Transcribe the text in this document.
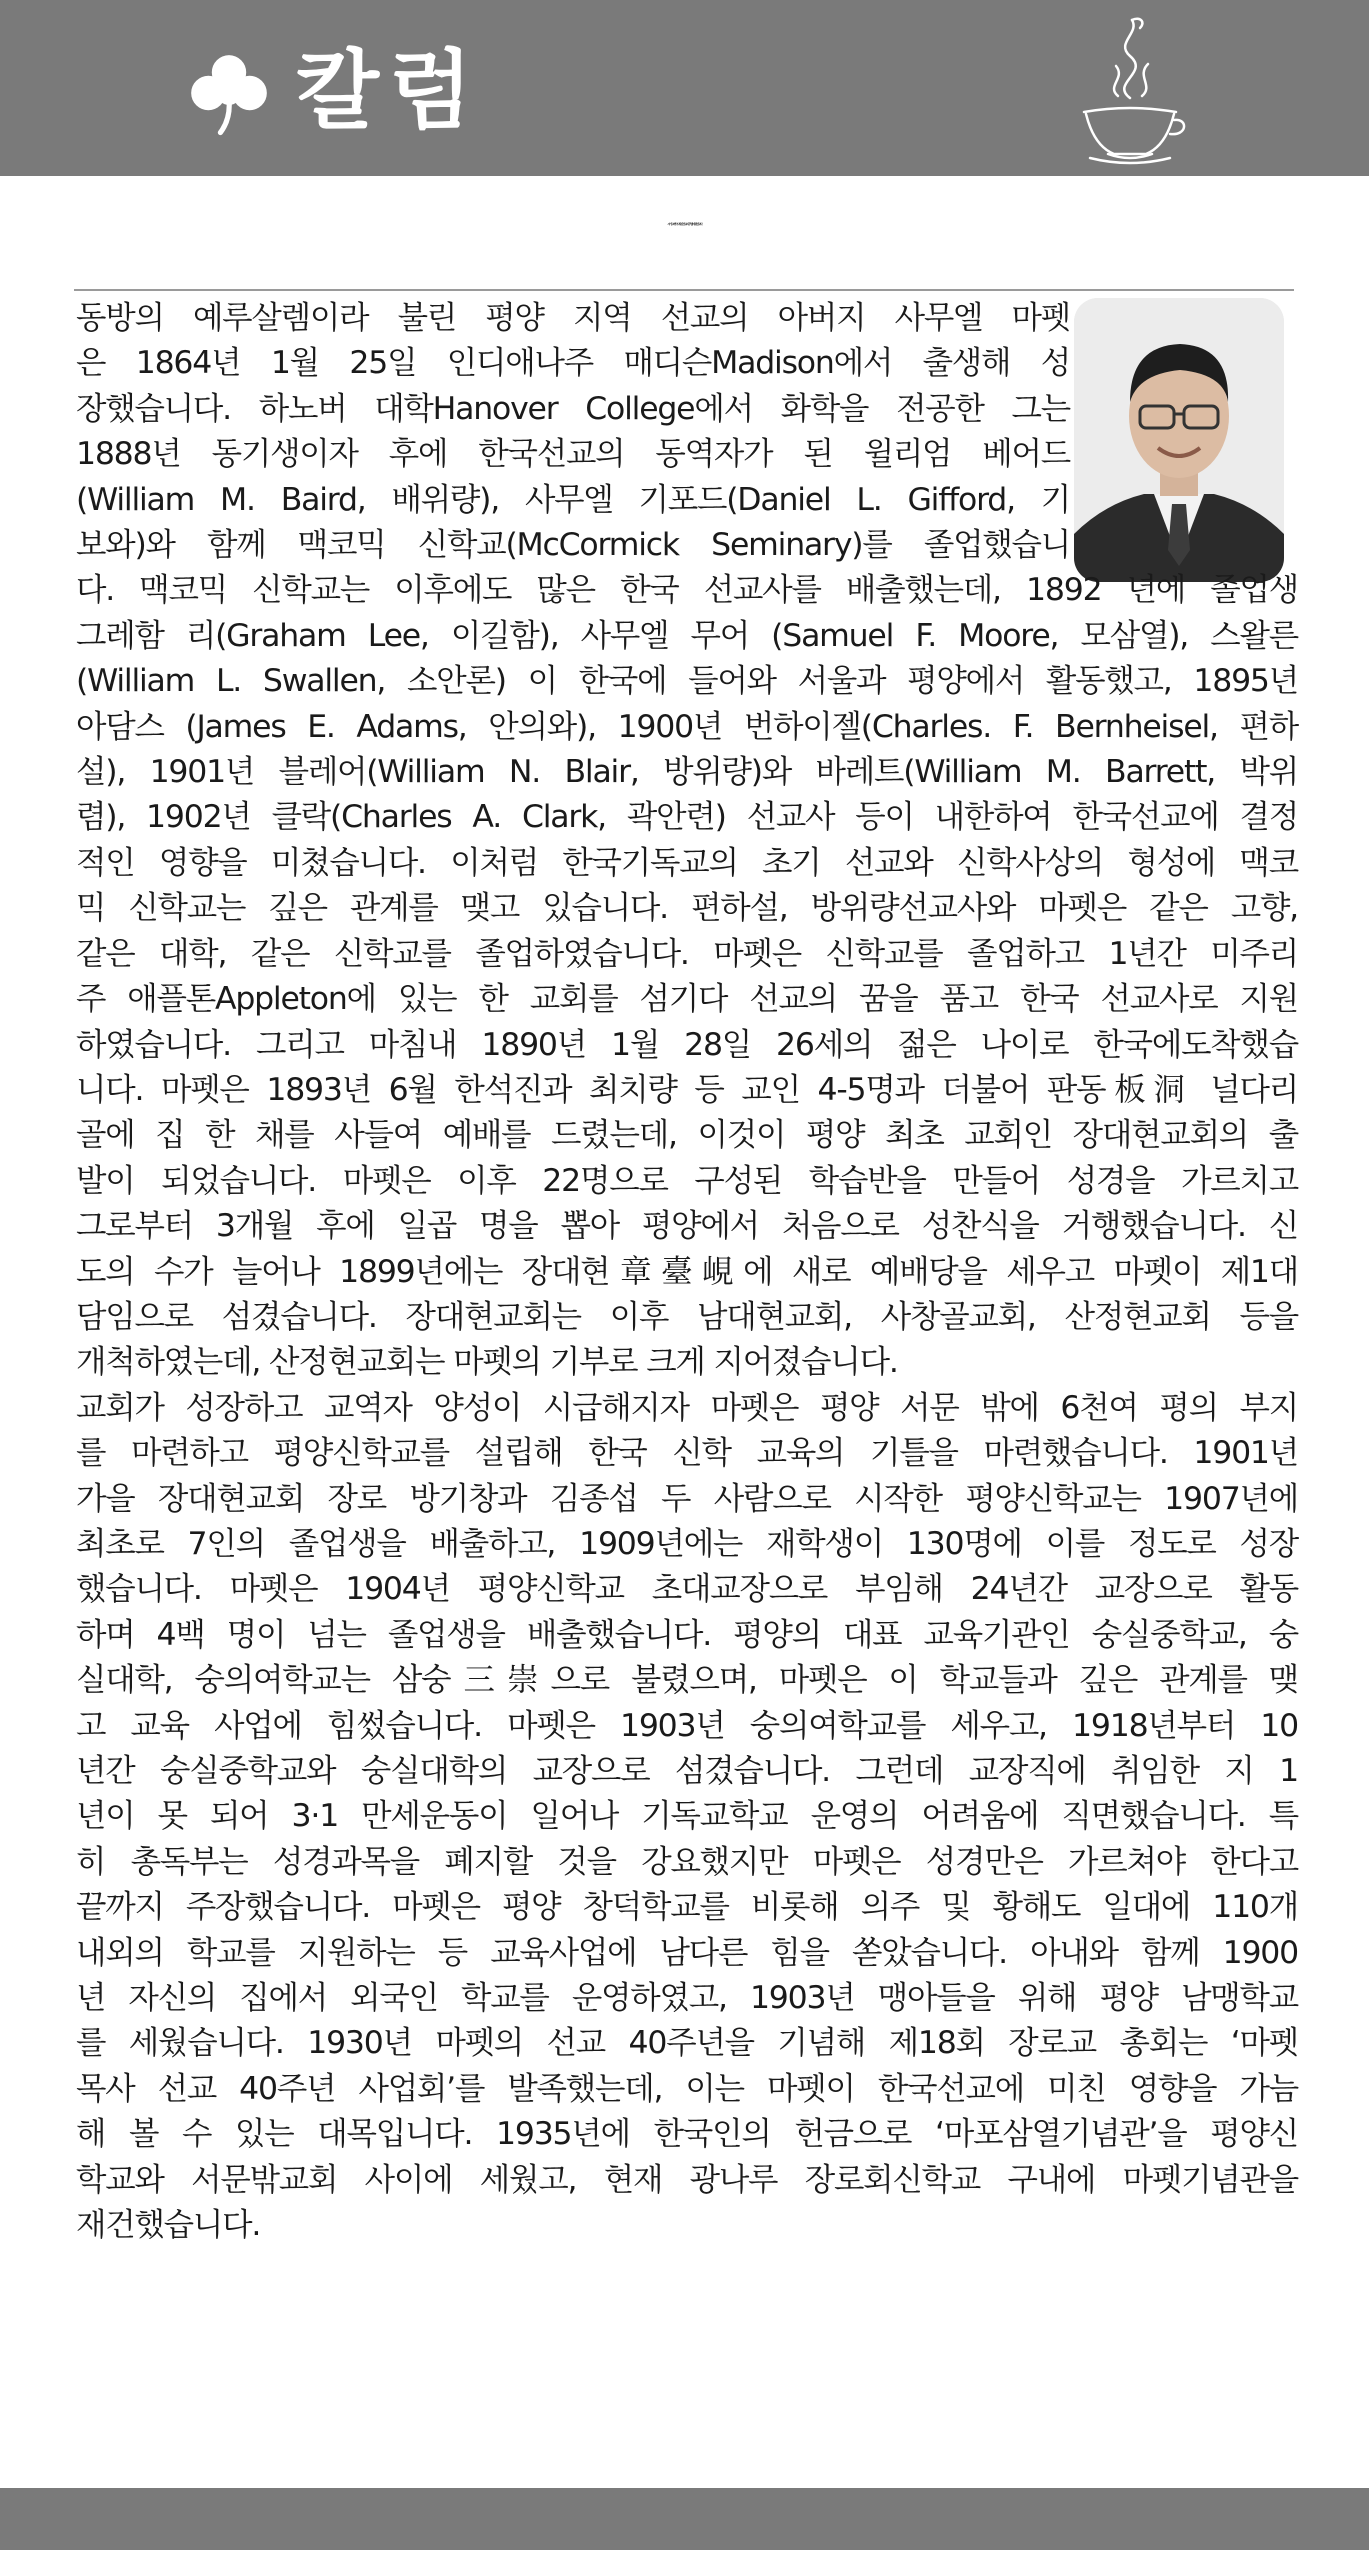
칼럼
시카고에서 시작된 선교: 사무엘 마펫 선교사
동방의 예루살렘이라 불린 평양 지역 선교의 아버지 사무엘 마펫
은 1864년 1월 25일 인디애나주 매디슨Madison에서 출생해 성
장했습니다. 하노버 대학Hanover College에서 화학을 전공한 그는
1888년 동기생이자 후에 한국선교의 동역자가 된 윌리엄 베어드
(William M. Baird, 배위량), 사무엘 기포드(Daniel L. Gifford, 기
보와)와 함께 맥코믹 신학교(McCormick Seminary)를 졸업했습니
다. 맥코믹 신학교는 이후에도 많은 한국 선교사를 배출했는데, 1892 년에 졸업생
그레함 리(Graham Lee, 이길함), 사무엘 무어 (Samuel F. Moore, 모삼열), 스왈른
(William L. Swallen, 소안론) 이 한국에 들어와 서울과 평양에서 활동했고, 1895년
아담스 (James E. Adams, 안의와), 1900년 번하이젤(Charles. F. Bernheisel, 편하
설), 1901년 블레어(William N. Blair, 방위량)와 바레트(William M. Barrett, 박위
렴), 1902년 클락(Charles A. Clark, 곽안련) 선교사 등이 내한하여 한국선교에 결정
적인 영향을 미쳤습니다. 이처럼 한국기독교의 초기 선교와 신학사상의 형성에 맥코
믹 신학교는 깊은 관계를 맺고 있습니다. 편하설, 방위량선교사와 마펫은 같은 고향,
같은 대학, 같은 신학교를 졸업하였습니다. 마펫은 신학교를 졸업하고 1년간 미주리
주 애플톤Appleton에 있는 한 교회를 섬기다 선교의 꿈을 품고 한국 선교사로 지원
하였습니다. 그리고 마침내 1890년 1월 28일 26세의 젊은 나이로 한국에도착했습
니다. 마펫은 1893년 6월 한석진과 최치량 등 교인 4-5명과 더불어 판동板洞 널다리
골에 집 한 채를 사들여 예배를 드렸는데, 이것이 평양 최초 교회인 장대현교회의 출
발이 되었습니다. 마펫은 이후 22명으로 구성된 학습반을 만들어 성경을 가르치고
그로부터 3개월 후에 일곱 명을 뽑아 평양에서 처음으로 성찬식을 거행했습니다. 신
도의 수가 늘어나 1899년에는 장대현章臺峴에 새로 예배당을 세우고 마펫이 제1대
담임으로 섬겼습니다. 장대현교회는 이후 남대현교회, 사창골교회, 산정현교회 등을
개척하였는데, 산정현교회는 마펫의 기부로 크게 지어졌습니다.
교회가 성장하고 교역자 양성이 시급해지자 마펫은 평양 서문 밖에 6천여 평의 부지
를 마련하고 평양신학교를 설립해 한국 신학 교육의 기틀을 마련했습니다. 1901년
가을 장대현교회 장로 방기창과 김종섭 두 사람으로 시작한 평양신학교는 1907년에
최초로 7인의 졸업생을 배출하고, 1909년에는 재학생이 130명에 이를 정도로 성장
했습니다. 마펫은 1904년 평양신학교 초대교장으로 부임해 24년간 교장으로 활동
하며 4백 명이 넘는 졸업생을 배출했습니다. 평양의 대표 교육기관인 숭실중학교, 숭
실대학, 숭의여학교는 삼숭三崇으로 불렸으며, 마펫은 이 학교들과 깊은 관계를 맺
고 교육 사업에 힘썼습니다. 마펫은 1903년 숭의여학교를 세우고, 1918년부터 10
년간 숭실중학교와 숭실대학의 교장으로 섬겼습니다. 그런데 교장직에 취임한 지 1
년이 못 되어 3·1 만세운동이 일어나 기독교학교 운영의 어려움에 직면했습니다. 특
히 총독부는 성경과목을 폐지할 것을 강요했지만 마펫은 성경만은 가르쳐야 한다고
끝까지 주장했습니다. 마펫은 평양 창덕학교를 비롯해 의주 및 황해도 일대에 110개
내외의 학교를 지원하는 등 교육사업에 남다른 힘을 쏟았습니다. 아내와 함께 1900
년 자신의 집에서 외국인 학교를 운영하였고, 1903년 맹아들을 위해 평양 남맹학교
를 세웠습니다. 1930년 마펫의 선교 40주년을 기념해 제18회 장로교 총회는 ‘마펫
목사 선교 40주년 사업회’를 발족했는데, 이는 마펫이 한국선교에 미친 영향을 가늠
해 볼 수 있는 대목입니다. 1935년에 한국인의 헌금으로 ‘마포삼열기념관’을 평양신
학교와 서문밖교회 사이에 세웠고, 현재 광나루 장로회신학교 구내에 마펫기념관을
재건했습니다.
